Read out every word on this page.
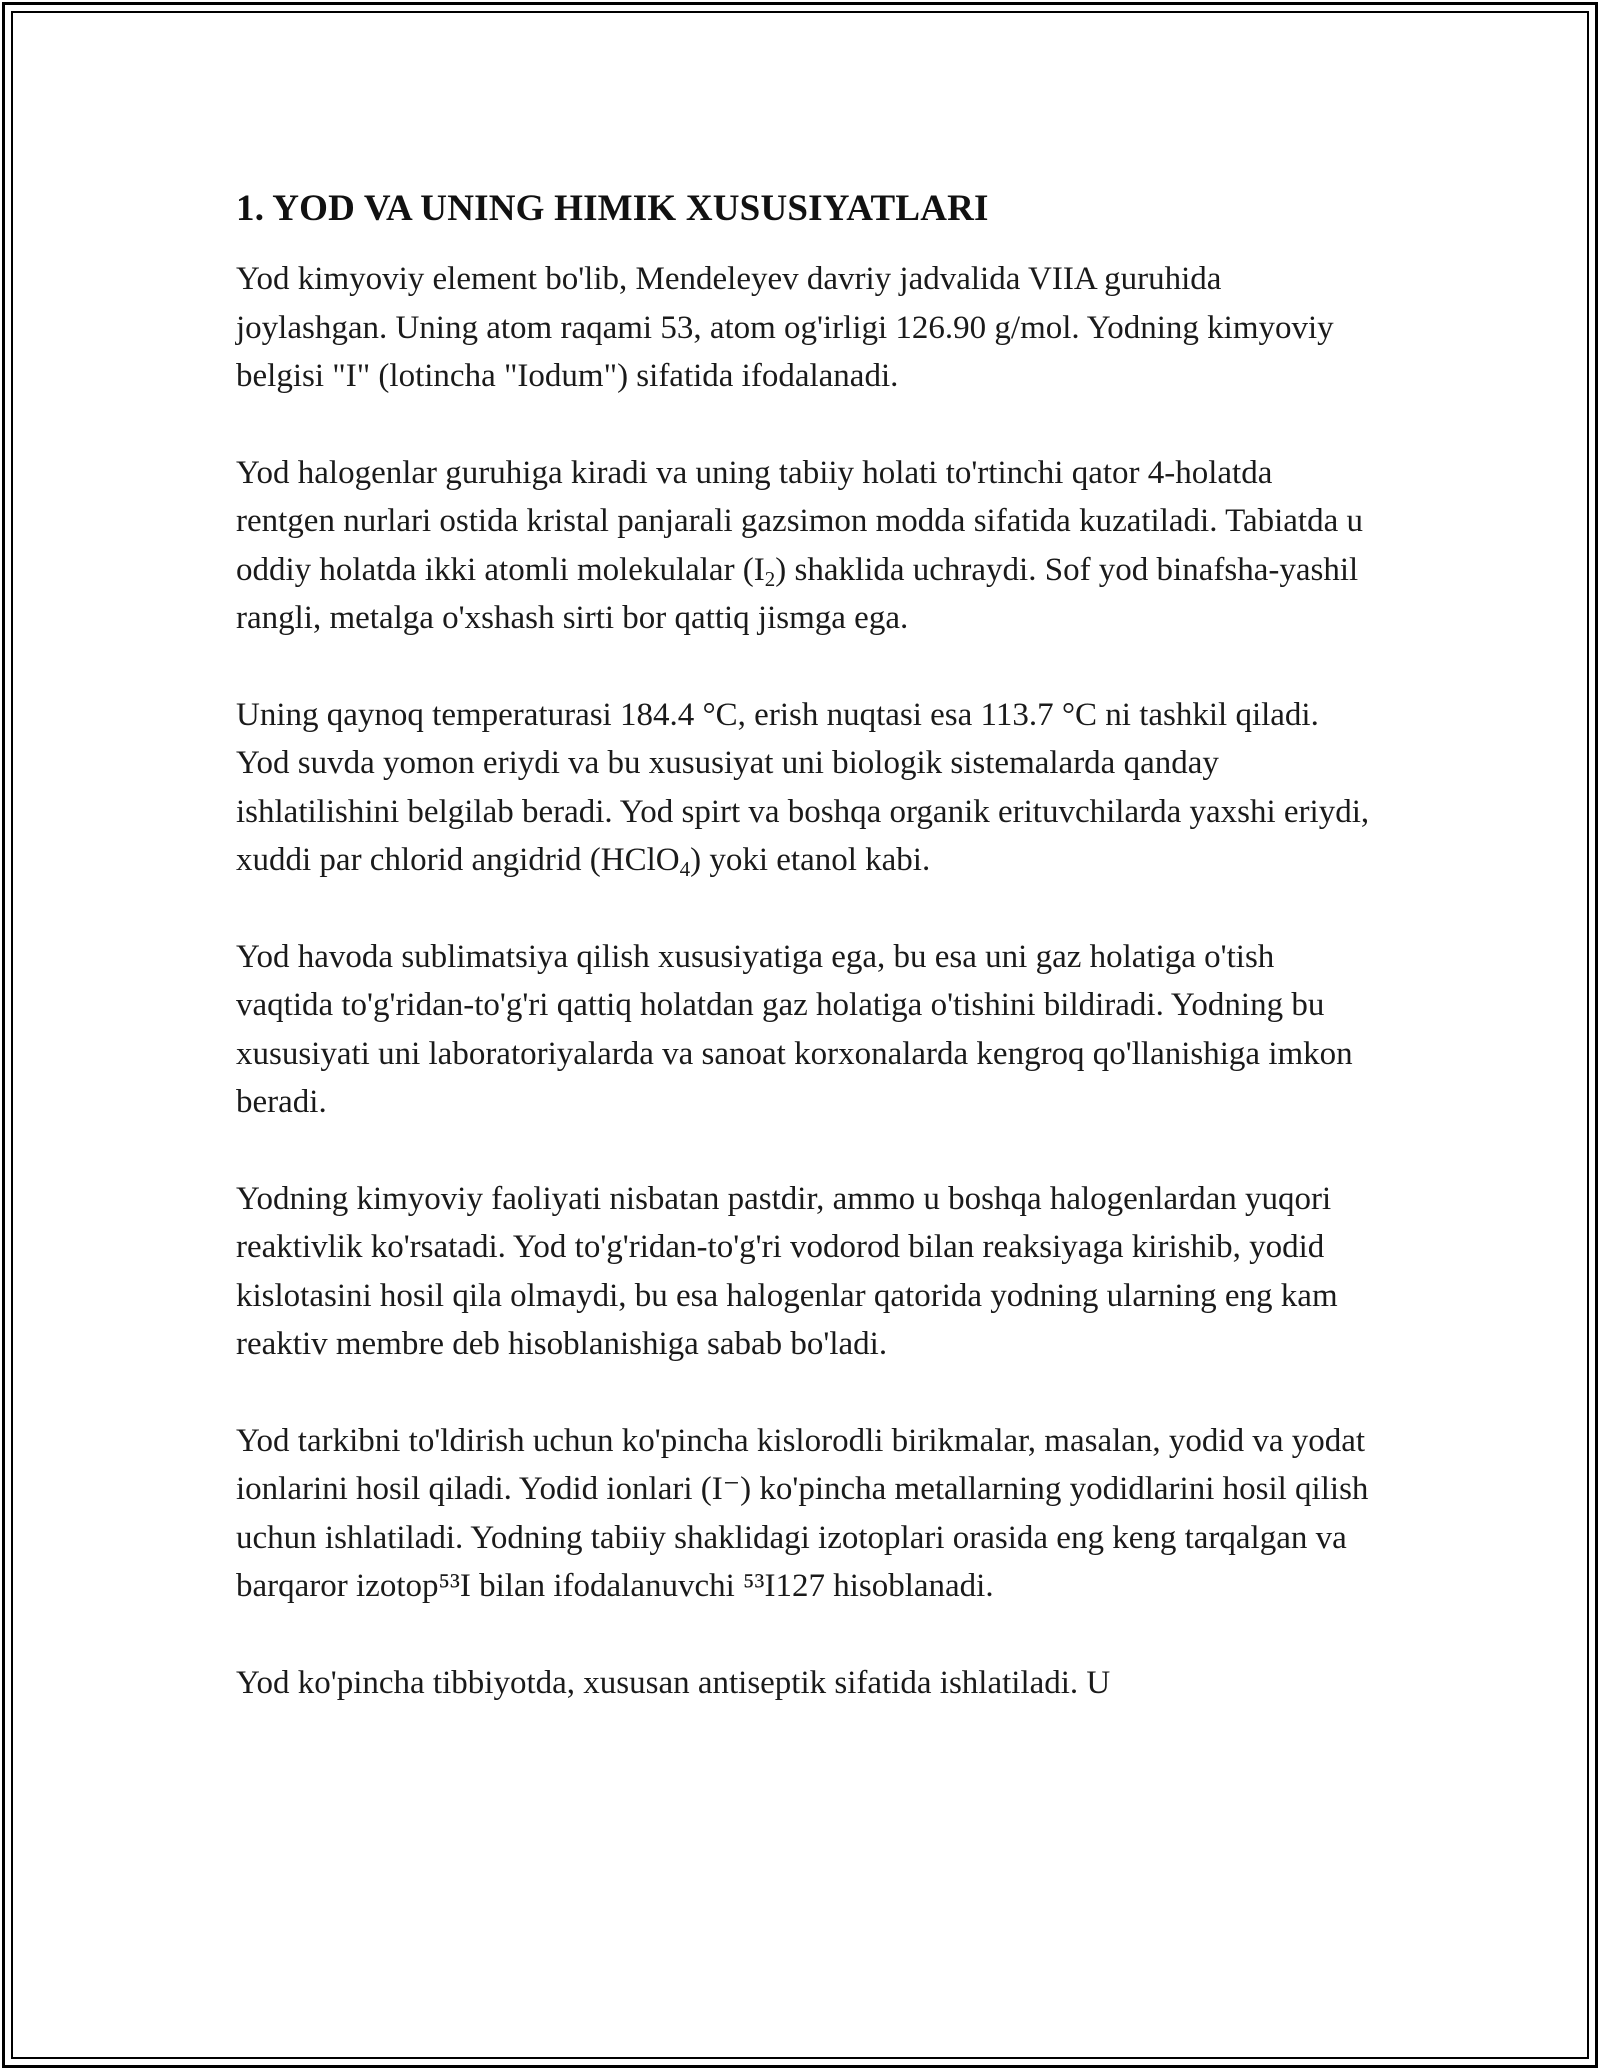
1. YOD VA UNING HIMIK XUSUSIYATLARI

Yod kimyoviy element bo'lib, Mendeleyev davriy jadvalida VIIA guruhida joylashgan. Uning atom raqami 53, atom og'irligi 126.90 g/mol. Yodning kimyoviy belgisi "I" (lotincha "Iodum") sifatida ifodalanadi.

Yod halogenlar guruhiga kiradi va uning tabiiy holati to'rtinchi qator 4-holatda rentgen nurlari ostida kristal panjarali gazsimon modda sifatida kuzatiladi. Tabiatda u oddiy holatda ikki atomli molekulalar $(I_2)$ shaklida uchraydi. Sof yod binafsha-yashil rangli, metalga o'xshash sirti bor qattiq jismga ega.

Uning qaynoq temperaturasi 184.4 °C, erish nuqtasi esa 113.7 °C ni tashkil qiladi. Yod suvda yomon eriydi va bu xususiyat uni biologik sistemalarda qanday ishlatilishini belgilab beradi. Yod spirt va boshqa organik erituvchilarda yaxshi eriydi, xuddi par chlorid angidrid (HClO$_4$) yoki etanol kabi.

Yod havoda sublimatsiya qilish xususiyatiga ega, bu esa uni gaz holatiga o'tish vaqtida to'g'ridan-to'g'ri qattiq holatdan gaz holatiga o'tishini bildiradi. Yodning bu xususiyati uni laboratoriyalarda va sanoat korxonalarda kengroq qo'llanishiga imkon beradi.

Yodning kimyoviy faoliyati nisbatan pastdir, ammo u boshqa halogenlardan yuqori reaktivlik ko'rsatadi. Yod to'g'ridan-to'g'ri vodorod bilan reaksiyaga kirishib, yodid kislotasini hosil qila olmaydi, bu esa halogenlar qatorida yodning ularning eng kam reaktiv membre deb hisoblanishiga sabab bo'ladi.

Yod tarkibni to'ldirish uchun ko'pincha kislorodli birikmalar, masalan, yodid va yodat ionlarini hosil qiladi. Yodid ionlari (I⁻) ko'pincha metallarning yodidlarini hosil qilish uchun ishlatiladi. Yodning tabiiy shaklidagi izotoplari orasida eng keng tarqalgan va barqaror izotop⁵³I bilan ifodalanuvchi ⁵³I127 hisoblanadi.

Yod ko'pincha tibbiyotda, xususan antiseptik sifatida ishlatiladi. U
